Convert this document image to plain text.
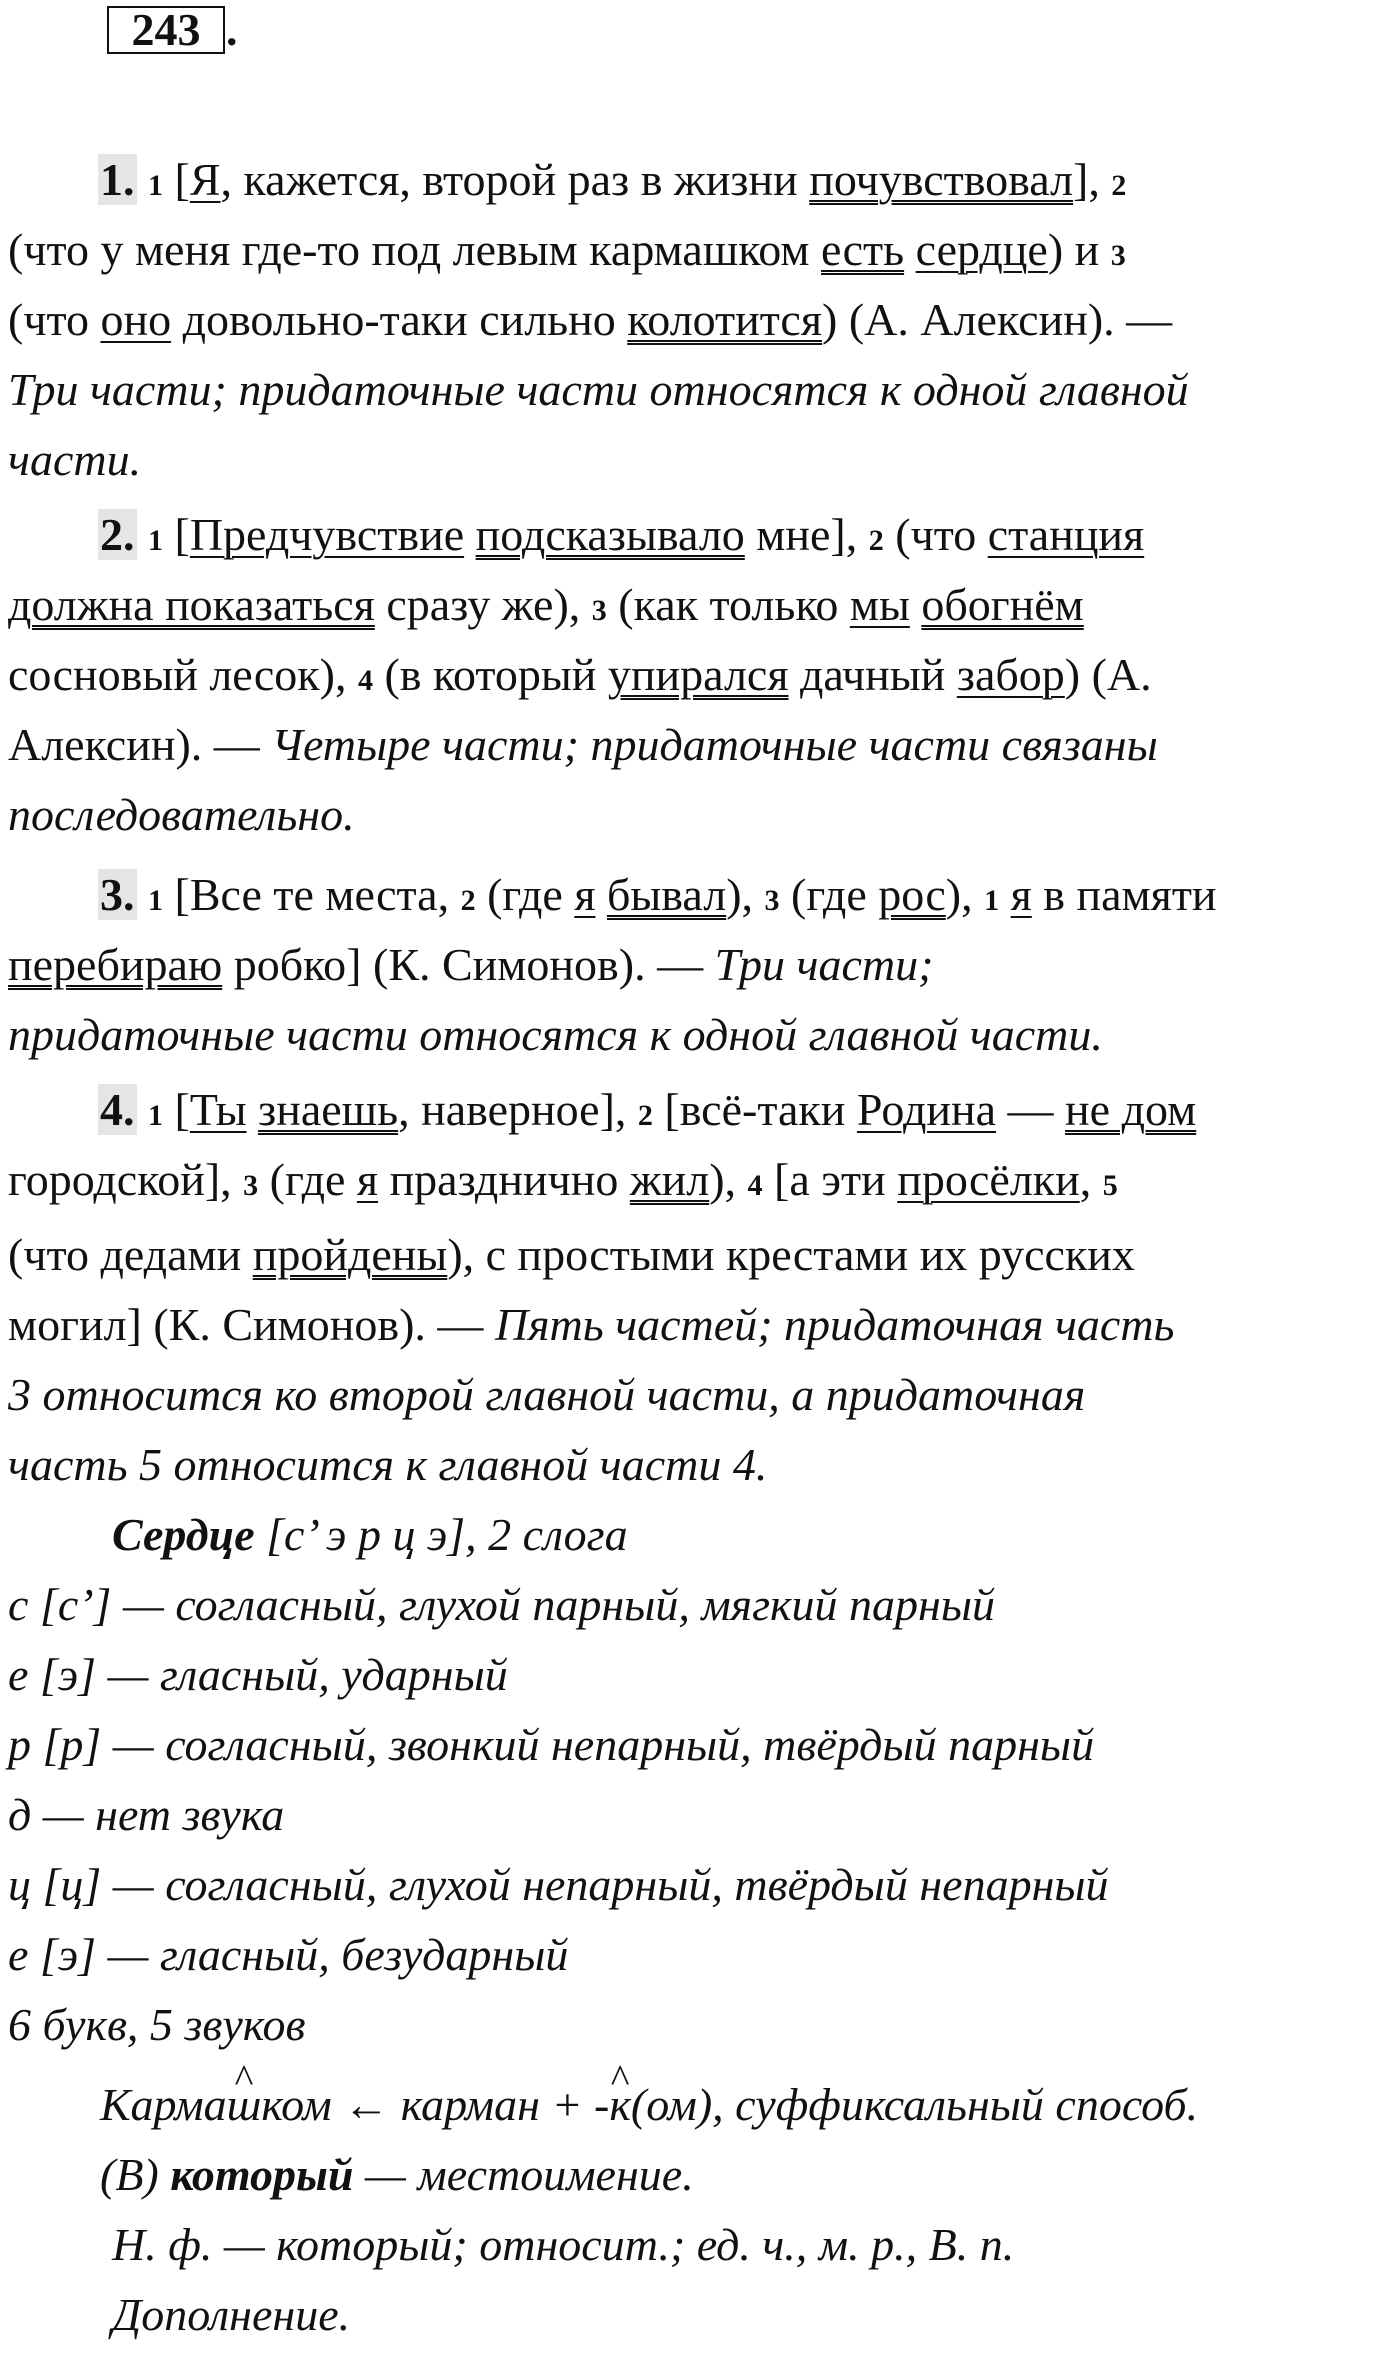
243 .
1. 1 [Я, кажется, второй раз в жизни почувствовал], 2
(что у меня где-то под левым кармашком есть сердце) и 3
(что оно довольно-таки сильно колотится) (А. Алексин). —
Три части; придаточные части относятся к одной главной
части.
2. 1 [Предчувствие подсказывало мне], 2 (что станция
должна показаться сразу же), 3 (как только мы обогнём
сосновый лесок), 4 (в который упирался дачный забор) (А.
Алексин). — Четыре части; придаточные части связаны
последовательно.
3. 1 [Все те места, 2 (где я бывал), 3 (где рос), 1 я в памяти
перебираю робко] (К. Симонов). — Три части;
придаточные части относятся к одной главной части.
4. 1 [Ты знаешь, наверное], 2 [всё-таки Родина — не дом
городской], 3 (где я празднично жил), 4 [а эти просёлки, 5
(что дедами пройдены), с простыми крестами их русских
могил] (К. Симонов). — Пять частей; придаточная часть
3 относится ко второй главной части, а придаточная
часть 5 относится к главной части 4.
Сердце [с’ э р ц э], 2 слога
с [с’] — согласный, глухой парный, мягкий парный
е [э] — гласный, ударный
р [р] — согласный, звонкий непарный, твёрдый парный
д — нет звука
ц [ц] — согласный, глухой непарный, твёрдый непарный
е [э] — гласный, безударный
6 букв, 5 звуков
Карма^ шком ← карман + -^ к(ом), суффиксальный способ.
(В) который — местоимение.
Н. ф. — который; относит.; ед. ч., м. р., В. п.
Дополнение.
